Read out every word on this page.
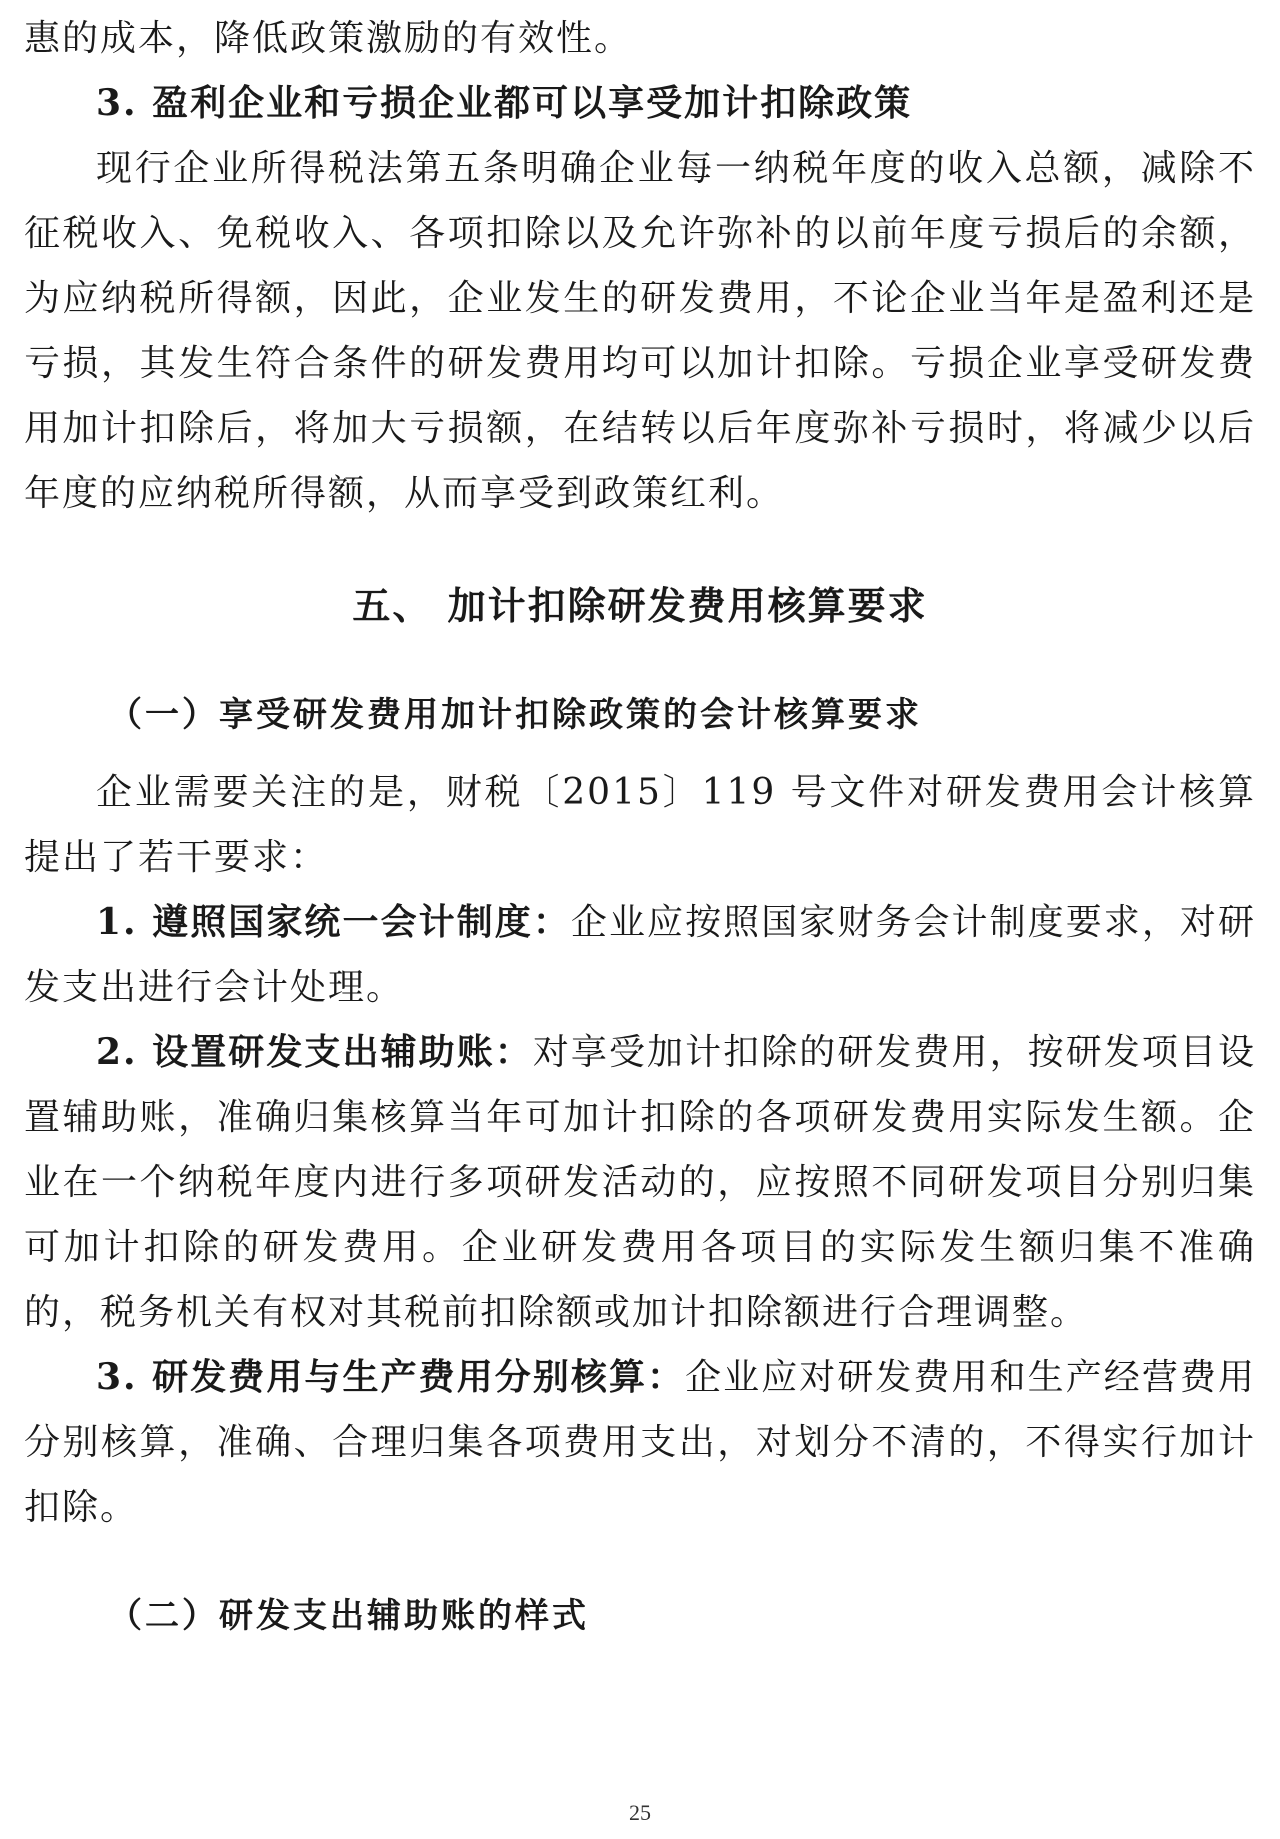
惠的成本，降低政策激励的有效性。

3. 盈利企业和亏损企业都可以享受加计扣除政策

现行企业所得税法第五条明确企业每一纳税年度的收入总额，减除不征税收入、免税收入、各项扣除以及允许弥补的以前年度亏损后的余额，为应纳税所得额，因此，企业发生的研发费用，不论企业当年是盈利还是亏损，其发生符合条件的研发费用均可以加计扣除。亏损企业享受研发费用加计扣除后，将加大亏损额，在结转以后年度弥补亏损时，将减少以后年度的应纳税所得额，从而享受到政策红利。

五、 加计扣除研发费用核算要求
（一）享受研发费用加计扣除政策的会计核算要求

企业需要关注的是，财税〔2015〕119 号文件对研发费用会计核算提出了若干要求：

1. 遵照国家统一会计制度：企业应按照国家财务会计制度要求，对研发支出进行会计处理。

2. 设置研发支出辅助账：对享受加计扣除的研发费用，按研发项目设置辅助账，准确归集核算当年可加计扣除的各项研发费用实际发生额。企业在一个纳税年度内进行多项研发活动的，应按照不同研发项目分别归集可加计扣除的研发费用。企业研发费用各项目的实际发生额归集不准确的，税务机关有权对其税前扣除额或加计扣除额进行合理调整。

3. 研发费用与生产费用分别核算：企业应对研发费用和生产经营费用分别核算，准确、合理归集各项费用支出，对划分不清的，不得实行加计扣除。

（二）研发支出辅助账的样式
25
